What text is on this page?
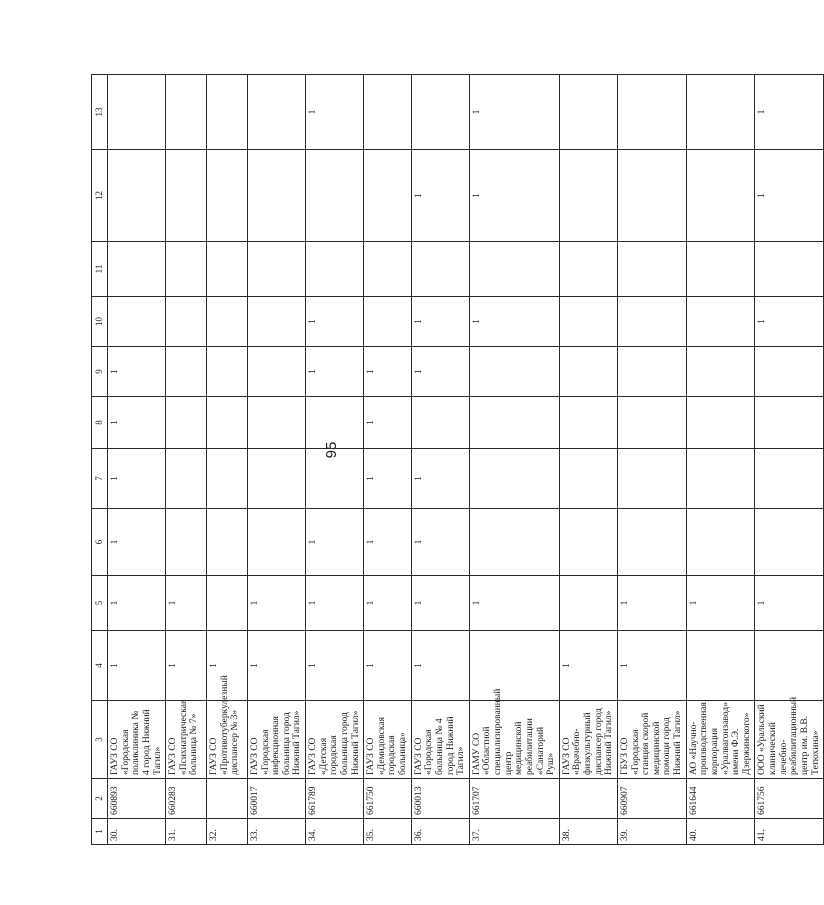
95
1	2	3	4	5	6	7	8	9	10	11	12	13
30.	660893	ГАУЗ СО «Городская поликлиника № 4 город Нижний Тагил»	1	1	1	1	1	1				
31.	660283	ГАУЗ СО «Психиатрическая больница № 7»	1	1								
32.		ГАУЗ СО «Противотуберкулезный диспансер № 3»	1									
33.	660017	ГАУЗ СО «Городская инфекционная больница город Нижний Тагил»	1	1								
34.	661789	ГАУЗ СО «Детская городская больница город Нижний Тагил»	1	1	1			1	1			1
35.	661750	ГАУЗ СО «Демидовская городская больница»	1	1	1	1	1	1				
36.	660013	ГАУЗ СО «Городская больница № 4 город Нижний Тагил»	1	1	1	1		1	1		1	
37.	661707	ГАМУ СО «Областной специализированный центр медицинской реабилитации «Санаторий Руш»		1					1		1	1
38.		ГАУЗ СО «Врачебно-физкультурный диспансер город Нижний Тагил»	1									
39.	660907	ГБУЗ СО «Городская станция скорой медицинской помощи город Нижний Тагил»	1	1								
40.	661644	АО «Научно-производственная корпорация «Уралвагонзавод» имени Ф.Э. Дзержинского»		1								
41.	661756	ООО «Уральский клинический лечебно-реабилитационный центр им. В.В. Тетюхина»		1					1		1	1
